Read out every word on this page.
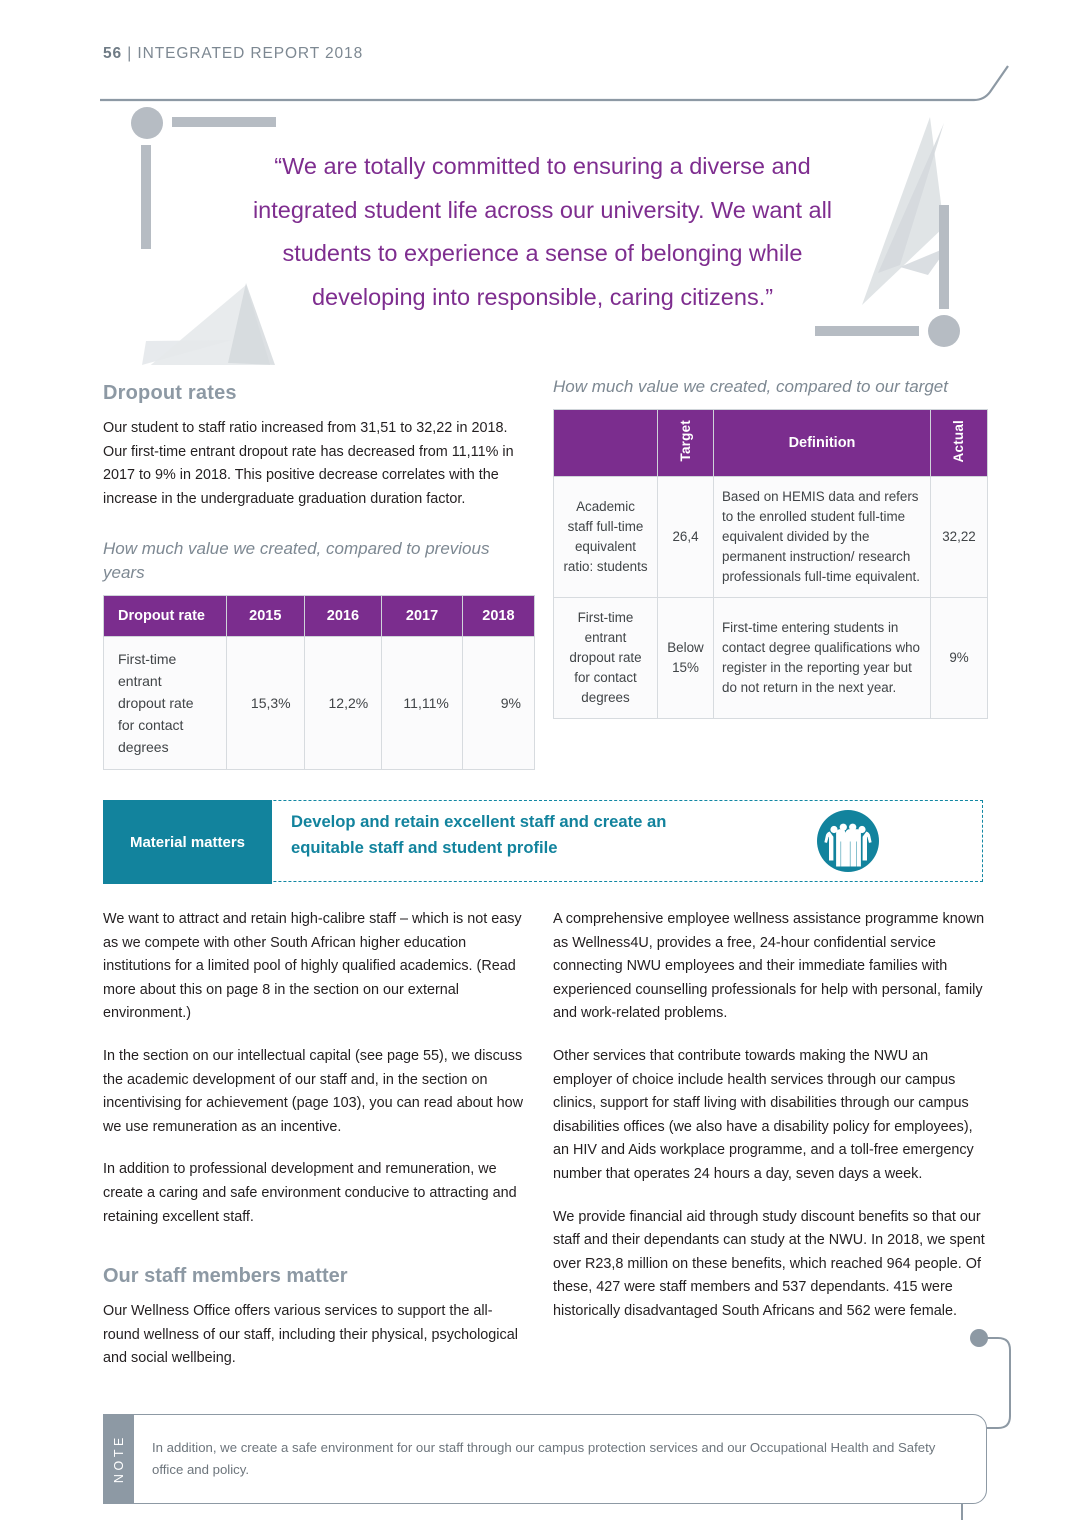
56 | INTEGRATED REPORT 2018
“We are totally committed to ensuring a diverse and integrated student life across our university. We want all students to experience a sense of belonging while developing into responsible, caring citizens.”
Dropout rates

Our student to staff ratio increased from 31,51 to 32,22 in 2018. Our first-time entrant dropout rate has decreased from 11,11% in 2017 to 9% in 2018. This positive decrease correlates with the increase in the undergraduate graduation duration factor.

How much value we created, compared to previous years

Dropout rate	2015	2016	2017	2018
First-time entrant dropout rate for contact degrees	15,3%	12,2%	11,11%	9%

How much value we created, compared to our target

	Target	Definition	Actual
Academic staff full-time equivalent ratio: students	26,4	Based on HEMIS data and refers to the enrolled student full-time equivalent divided by the permanent instruction/ research professionals full-time equivalent.	32,22
First-time entrant dropout rate for contact degrees	Below 15%	First-time entering students in contact degree qualifications who register in the reporting year but do not return in the next year.	9%
Material matters
Develop and retain excellent staff and create an equitable staff and student profile

We want to attract and retain high-calibre staff – which is not easy as we compete with other South African higher education institutions for a limited pool of highly qualified academics. (Read more about this on page 8 in the section on our external environment.)

In the section on our intellectual capital (see page 55), we discuss the academic development of our staff and, in the section on incentivising for achievement (page 103), you can read about how we use remuneration as an incentive.

In addition to professional development and remuneration, we create a caring and safe environment conducive to attracting and retaining excellent staff.

Our staff members matter

Our Wellness Office offers various services to support the all-round wellness of our staff, including their physical, psychological and social wellbeing.

A comprehensive employee wellness assistance programme known as Wellness4U, provides a free, 24-hour confidential service connecting NWU employees and their immediate families with experienced counselling professionals for help with personal, family and work-related problems.

Other services that contribute towards making the NWU an employer of choice include health services through our campus clinics, support for staff living with disabilities through our campus disabilities offices (we also have a disability policy for employees), an HIV and Aids workplace programme, and a toll-free emergency number that operates 24 hours a day, seven days a week.

We provide financial aid through study discount benefits so that our staff and their dependants can study at the NWU. In 2018, we spent over R23,8 million on these benefits, which reached 964 people. Of these, 427 were staff members and 537 dependants. 415 were historically disadvantaged South Africans and 562 were female.

NOTE In addition, we create a safe environment for our staff through our campus protection services and our Occupational Health and Safety office and policy.
